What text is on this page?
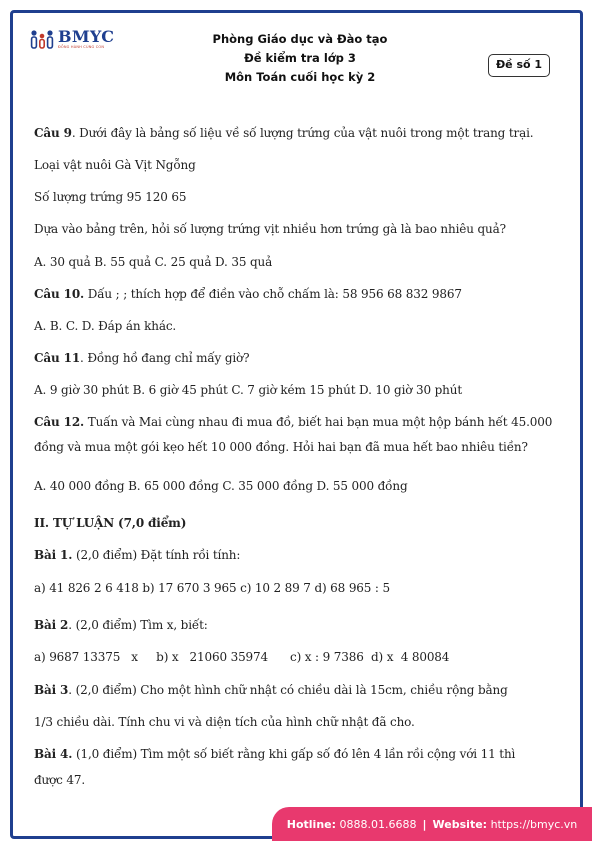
BMYC
ĐỒNG HÀNH CÙNG CON
Phòng Giáo dục và Đào tạo
Đề kiểm tra lớp 3
Môn Toán cuối học kỳ 2
Đề số 1
Câu 9. Dưới đây là bảng số liệu về số lượng trứng của vật nuôi trong một trang trại.
Loại vật nuôi Gà Vịt Ngỗng
Số lượng trứng 95 120 65
Dựa vào bảng trên, hỏi số lượng trứng vịt nhiều hơn trứng gà là bao nhiêu quả?
A. 30 quả B. 55 quả C. 25 quả D. 35 quả
Câu 10. Dấu ; ; thích hợp để điền vào chỗ chấm là: 58 956 68 832 9867
A. B. C. D. Đáp án khác.
Câu 11. Đồng hồ đang chỉ mấy giờ?
A. 9 giờ 30 phút B. 6 giờ 45 phút C. 7 giờ kém 15 phút D. 10 giờ 30 phút
Câu 12. Tuấn và Mai cùng nhau đi mua đồ, biết hai bạn mua một hộp bánh hết 45.000
đồng và mua một gói kẹo hết 10 000 đồng. Hỏi hai bạn đã mua hết bao nhiêu tiền?
A. 40 000 đồng B. 65 000 đồng C. 35 000 đồng D. 55 000 đồng
II. TỰ LUẬN (7,0 điểm)
Bài 1. (2,0 điểm) Đặt tính rồi tính:
a) 41 826 2 6 418 b) 17 670 3 965 c) 10 2 89 7 d) 68 965 : 5
Bài 2. (2,0 điểm) Tìm x, biết:
a) 9687 13375   x     b) x   21060 35974      c) x : 9 7386  d) x  4 80084
Bài 3. (2,0 điểm) Cho một hình chữ nhật có chiều dài là 15cm, chiều rộng bằng
1/3 chiều dài. Tính chu vi và diện tích của hình chữ nhật đã cho.
Bài 4. (1,0 điểm) Tìm một số biết rằng khi gấp số đó lên 4 lần rồi cộng với 11 thì
được 47.
Hotline:
0888.01.6688 | Website:
https://bmyc.vn
